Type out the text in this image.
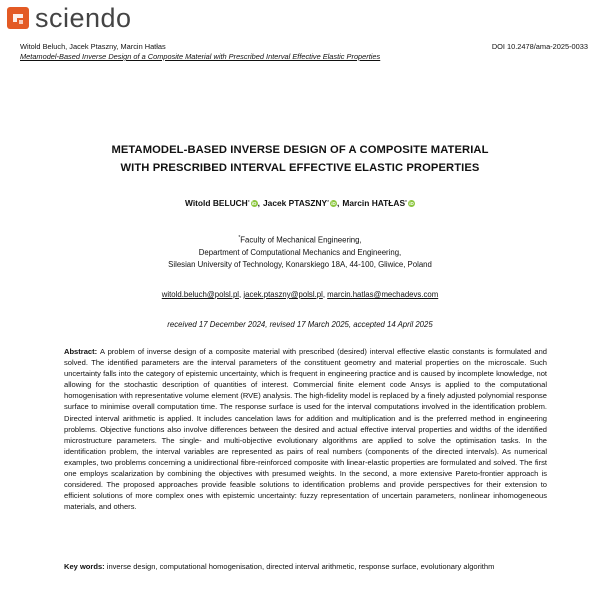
sciendo
Witold Beluch, Jacek Ptaszny, Marcin Hatłas
Metamodel-Based Inverse Design of a Composite Material with Prescribed Interval Effective Elastic Properties
DOI 10.2478/ama-2025-0033
METAMODEL-BASED INVERSE DESIGN OF A COMPOSITE MATERIAL
WITH PRESCRIBED INTERVAL EFFECTIVE ELASTIC PROPERTIES
Witold BELUCH * iD , Jacek PTASZNY * iD , Marcin HATŁAS * iD
*Faculty of Mechanical Engineering,
Department of Computational Mechanics and Engineering,
Silesian University of Technology, Konarskiego 18A, 44-100, Gliwice, Poland
witold.beluch@polsl.pl, jacek.ptaszny@polsl.pl, marcin.hatlas@mechadevs.com
received 17 December 2024, revised 17 March 2025, accepted 14 April 2025
Abstract: A problem of inverse design of a composite material with prescribed (desired) interval effective elastic constants is formulated and solved. The identified parameters are the interval parameters of the constituent geometry and material properties on the microscale. Such uncertainty falls into the category of epistemic uncertainty, which is frequent in engineering practice and is caused by incomplete knowledge, not allowing for the stochastic description of quantities of interest. Commercial finite element code Ansys is applied to the computational homogenisation with representative volume element (RVE) analysis. The high-fidelity model is replaced by a finely adjusted polynomial response surface to minimise overall computation time. The response surface is used for the interval computations involved in the identification problem. Directed interval arithmetic is applied. It includes cancelation laws for addition and multiplication and is the preferred method in engineering problems. Objective functions also involve differences between the desired and actual effective interval properties and widths of the identified microstructure parameters. The single- and multi-objective evolutionary algorithms are applied to solve the optimisation tasks. In the identification problem, the interval variables are represented as pairs of real numbers (components of the directed intervals). As numerical examples, two problems concerning a unidirectional fibre-reinforced composite with linear-elastic properties are formulated and solved. The first one employs scalarization by combining the objectives with presumed weights. In the second, a more extensive Pareto-frontier approach is considered. The proposed approaches provide feasible solutions to identification problems and provide perspectives for their extension to efficient solutions of more complex ones with epistemic uncertainty: fuzzy representation of uncertain parameters, nonlinear inhomogeneous materials, and others.
Key words: inverse design, computational homogenisation, directed interval arithmetic, response surface, evolutionary algorithm
